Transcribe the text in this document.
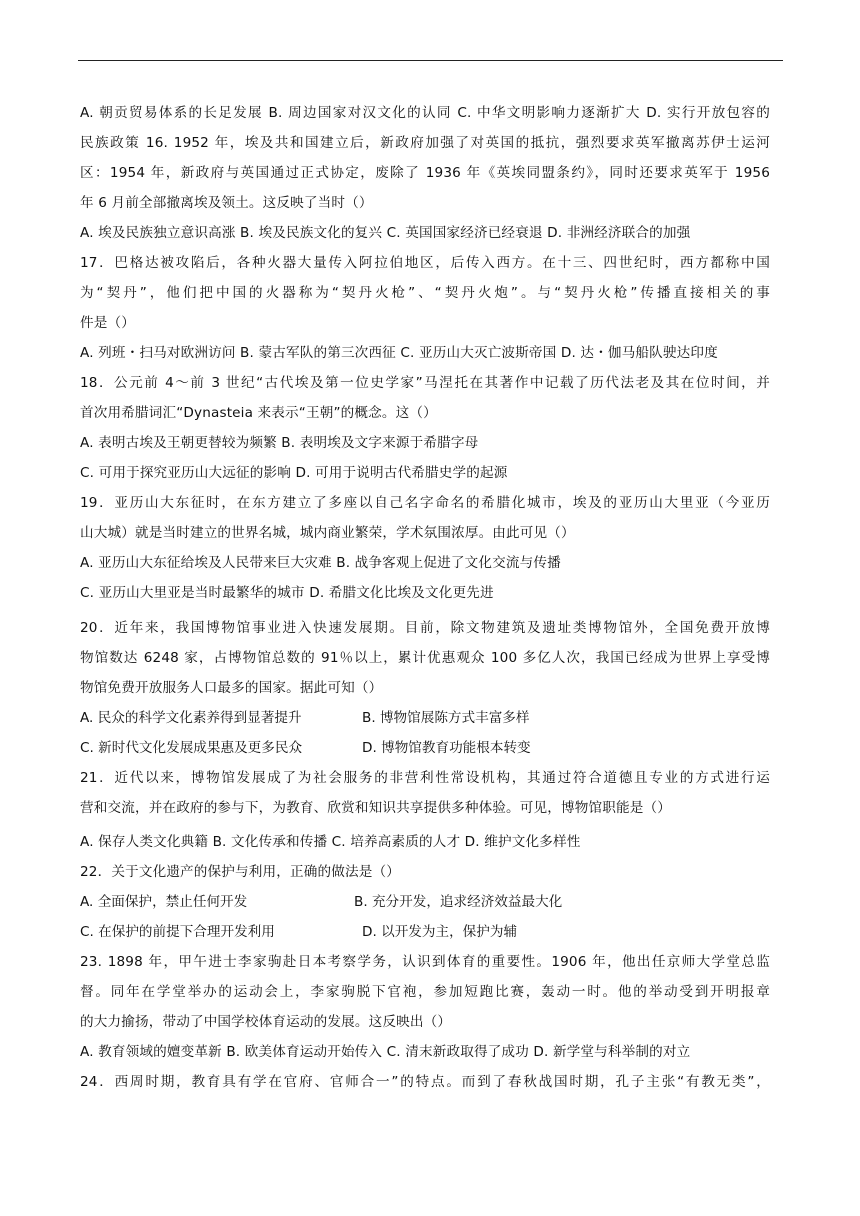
A. 朝贡贸易体系的长足发展 B. 周边国家对汉文化的认同 C. 中华文明影响力逐渐扩大 D. 实行开放包容的
民族政策 16. 1952 年，埃及共和国建立后，新政府加强了对英国的抵抗，强烈要求英军撤离苏伊士运河
区：1954 年，新政府与英国通过正式协定，废除了 1936 年《英埃同盟条约》，同时还要求英军于 1956
年 6 月前全部撤离埃及领土。这反映了当时（）
A. 埃及民族独立意识高涨 B. 埃及民族文化的复兴 C. 英国国家经济已经衰退 D. 非洲经济联合的加强
17．巴格达被攻陷后，各种火器大量传入阿拉伯地区，后传入西方。在十三、四世纪时，西方都称中国
为“契丹”，他们把中国的火器称为“契丹火枪”、“契丹火炮”。与“契丹火枪”传播直接相关的事
件是（）
A. 列班・扫马对欧洲访问 B. 蒙古军队的第三次西征 C. 亚历山大灭亡波斯帝国 D. 达・伽马船队驶达印度
18．公元前 4～前 3 世纪“古代埃及第一位史学家”马涅托在其著作中记载了历代法老及其在位时间，并
首次用希腊词汇“Dynasteia 来表示“王朝”的概念。这（）
A. 表明古埃及王朝更替较为频繁 B. 表明埃及文字来源于希腊字母
C. 可用于探究亚历山大远征的影响 D. 可用于说明古代希腊史学的起源
19．亚历山大东征时，在东方建立了多座以自己名字命名的希腊化城市，埃及的亚历山大里亚（今亚历
山大城）就是当时建立的世界名城，城内商业繁荣，学术氛围浓厚。由此可见（）
A. 亚历山大东征给埃及人民带来巨大灾难 B. 战争客观上促进了文化交流与传播
C. 亚历山大里亚是当时最繁华的城市 D. 希腊文化比埃及文化更先进
20．近年来，我国博物馆事业进入快速发展期。目前，除文物建筑及遗址类博物馆外，全国免费开放博
物馆数达 6248 家，占博物馆总数的 91％以上，累计优惠观众 100 多亿人次，我国已经成为世界上享受博
物馆免费开放服务人口最多的国家。据此可知（）
A. 民众的科学文化素养得到显著提升	B. 博物馆展陈方式丰富多样
C. 新时代文化发展成果惠及更多民众	D. 博物馆教育功能根本转变
21．近代以来，博物馆发展成了为社会服务的非营利性常设机构，其通过符合道德且专业的方式进行运
营和交流，并在政府的参与下，为教育、欣赏和知识共享提供多种体验。可见，博物馆职能是（）
A. 保存人类文化典籍 B. 文化传承和传播 C. 培养高素质的人才 D. 维护文化多样性
22．关于文化遗产的保护与利用，正确的做法是（）
A. 全面保护，禁止任何开发	B. 充分开发，追求经济效益最大化
C. 在保护的前提下合理开发利用	D. 以开发为主，保护为辅
23. 1898 年，甲午进士李家驹赴日本考察学务，认识到体育的重要性。1906 年，他出任京师大学堂总监
督。同年在学堂举办的运动会上，李家驹脱下官袍，参加短跑比赛，轰动一时。他的举动受到开明报章
的大力揄扬，带动了中国学校体育运动的发展。这反映出（）
A. 教育领域的嬗变革新 B. 欧美体育运动开始传入 C. 清末新政取得了成功 D. 新学堂与科举制的对立
24．西周时期，教育具有学在官府、官师合一”的特点。而到了春秋战国时期，孔子主张“有教无类”，
